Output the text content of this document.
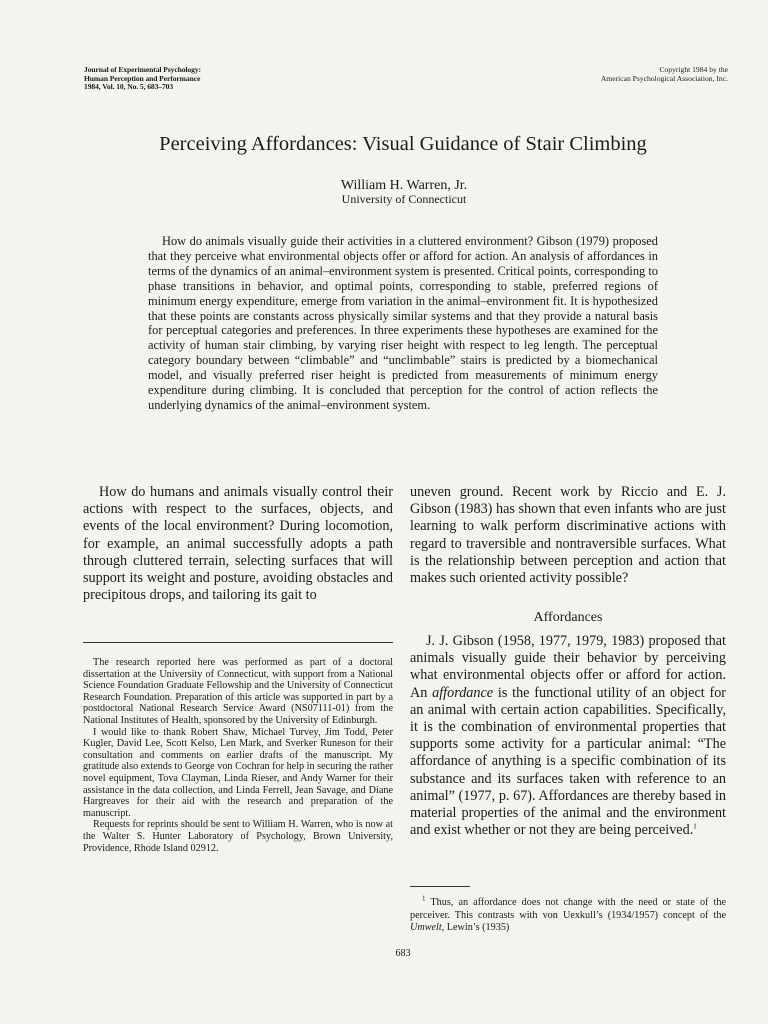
Journal of Experimental Psychology:
Human Perception and Performance
1984, Vol. 10, No. 5, 683–703
Copyright 1984 by the
American Psychological Association, Inc.
Perceiving Affordances: Visual Guidance of Stair Climbing
William H. Warren, Jr.
University of Connecticut

How do animals visually guide their activities in a cluttered environment? Gibson (1979) proposed that they perceive what environmental objects offer or afford for action. An analysis of affordances in terms of the dynamics of an animal–environment system is presented. Critical points, corresponding to phase transitions in behavior, and optimal points, corresponding to stable, preferred regions of minimum energy expenditure, emerge from variation in the animal–environment fit. It is hypothesized that these points are constants across physically similar systems and that they provide a natural basis for perceptual categories and preferences. In three experiments these hypotheses are examined for the activity of human stair climbing, by varying riser height with respect to leg length. The perceptual category boundary between “climbable” and “unclimbable” stairs is predicted by a biomechanical model, and visually preferred riser height is predicted from measurements of minimum energy expenditure during climbing. It is concluded that perception for the control of action reflects the underlying dynamics of the animal–environment system.

How do humans and animals visually control their actions with respect to the surfaces, objects, and events of the local environment? During locomotion, for example, an animal successfully adopts a path through cluttered terrain, selecting surfaces that will support its weight and posture, avoiding obstacles and precipitous drops, and tailoring its gait to

uneven ground. Recent work by Riccio and E. J. Gibson (1983) has shown that even infants who are just learning to walk perform discriminative actions with regard to traversible and nontraversible surfaces. What is the relationship between perception and action that makes such oriented activity possible?

The research reported here was performed as part of a doctoral dissertation at the University of Connecticut, with support from a National Science Foundation Graduate Fellowship and the University of Connecticut Research Foundation. Preparation of this article was supported in part by a postdoctoral National Research Service Award (NS07111-01) from the National Institutes of Health, sponsored by the University of Edinburgh.

I would like to thank Robert Shaw, Michael Turvey, Jim Todd, Peter Kugler, David Lee, Scott Kelso, Len Mark, and Sverker Runeson for their consultation and comments on earlier drafts of the manuscript. My gratitude also extends to George von Cochran for help in securing the rather novel equipment, Tova Clayman, Linda Rieser, and Andy Warner for their assistance in the data collection, and Linda Ferrell, Jean Savage, and Diane Hargreaves for their aid with the research and preparation of the manuscript.

Requests for reprints should be sent to William H. Warren, who is now at the Walter S. Hunter Laboratory of Psychology, Brown University, Providence, Rhode Island 02912.

Affordances

J. J. Gibson (1958, 1977, 1979, 1983) proposed that animals visually guide their behavior by perceiving what environmental objects offer or afford for action. An affordance is the functional utility of an object for an animal with certain action capabilities. Specifically, it is the combination of environmental properties that supports some activity for a particular animal: “The affordance of anything is a specific combination of its substance and its surfaces taken with reference to an animal” (1977, p. 67). Affordances are thereby based in material properties of the animal and the environment and exist whether or not they are being perceived.$^1$

$^1$ Thus, an affordance does not change with the need or state of the perceiver. This contrasts with von Uexkull’s (1934/1957) concept of the Umwelt, Lewin’s (1935)

683
